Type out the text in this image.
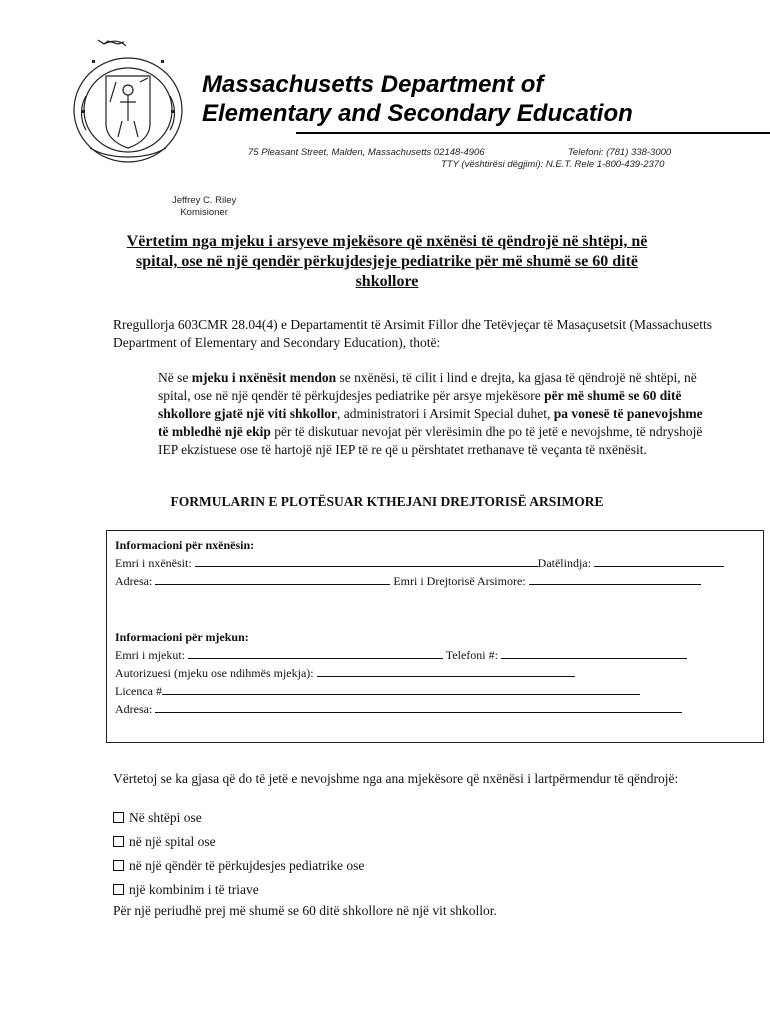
Massachusetts Department of
Elementary and Secondary Education
75 Pleasant Street, Malden, Massachusetts 02148-4906	Telefoni: (781) 338-3000
TTY (vështirësi dëgjimi): N.E.T. Rele 1-800-439-2370
Jeffrey C. Riley
Komisioner
Vërtetim nga mjeku i arsyeve mjekësore që nxënësi të qëndrojë në shtëpi, në spital, ose në një qendër përkujdesjeje pediatrike për më shumë se 60 ditë shkollore
Rregullorja 603CMR 28.04(4) e Departamentit të Arsimit Fillor dhe Tetëvjeçar të Masaçusetsit (Massachusetts Department of Elementary and Secondary Education), thotë:
Në se mjeku i nxënësit mendon se nxënësi, të cilit i lind e drejta, ka gjasa të qëndrojë në shtëpi, në spital, ose në një qendër të përkujdesjes pediatrike për arsye mjekësore për më shumë se 60 ditë shkollore gjatë një viti shkollor, administratori i Arsimit Special duhet, pa vonesë të panevojshme të mbledhë një ekip për të diskutuar nevojat për vlerësimin dhe po të jetë e nevojshme, të ndryshojë IEP ekzistuese ose të hartojë një IEP të re që u përshtatet rrethanave të veçanta të nxënësit.
FORMULARIN E PLOTËSUAR KTHEJANI DREJTORISË ARSIMORE
Informacioni për nxënësin:
Emri i nxënësit:	Datëlindja:
Adresa:	Emri i Drejtorisë Arsimore:
Informacioni për mjekun:
Emri i mjekut:	Telefoni #:
Autorizuesi (mjeku ose ndihmës mjekja):
Licenca #
Adresa:
Vërtetoj se ka gjasa që do të jetë e nevojshme nga ana mjekësore që nxënësi i lartpërmendur të qëndrojë:
Në shtëpi ose
në një spital ose
në një qëndër të përkujdesjes pediatrike ose
një kombinim i të triave
Për një periudhë prej më shumë se 60 ditë shkollore në një vit shkollor.
